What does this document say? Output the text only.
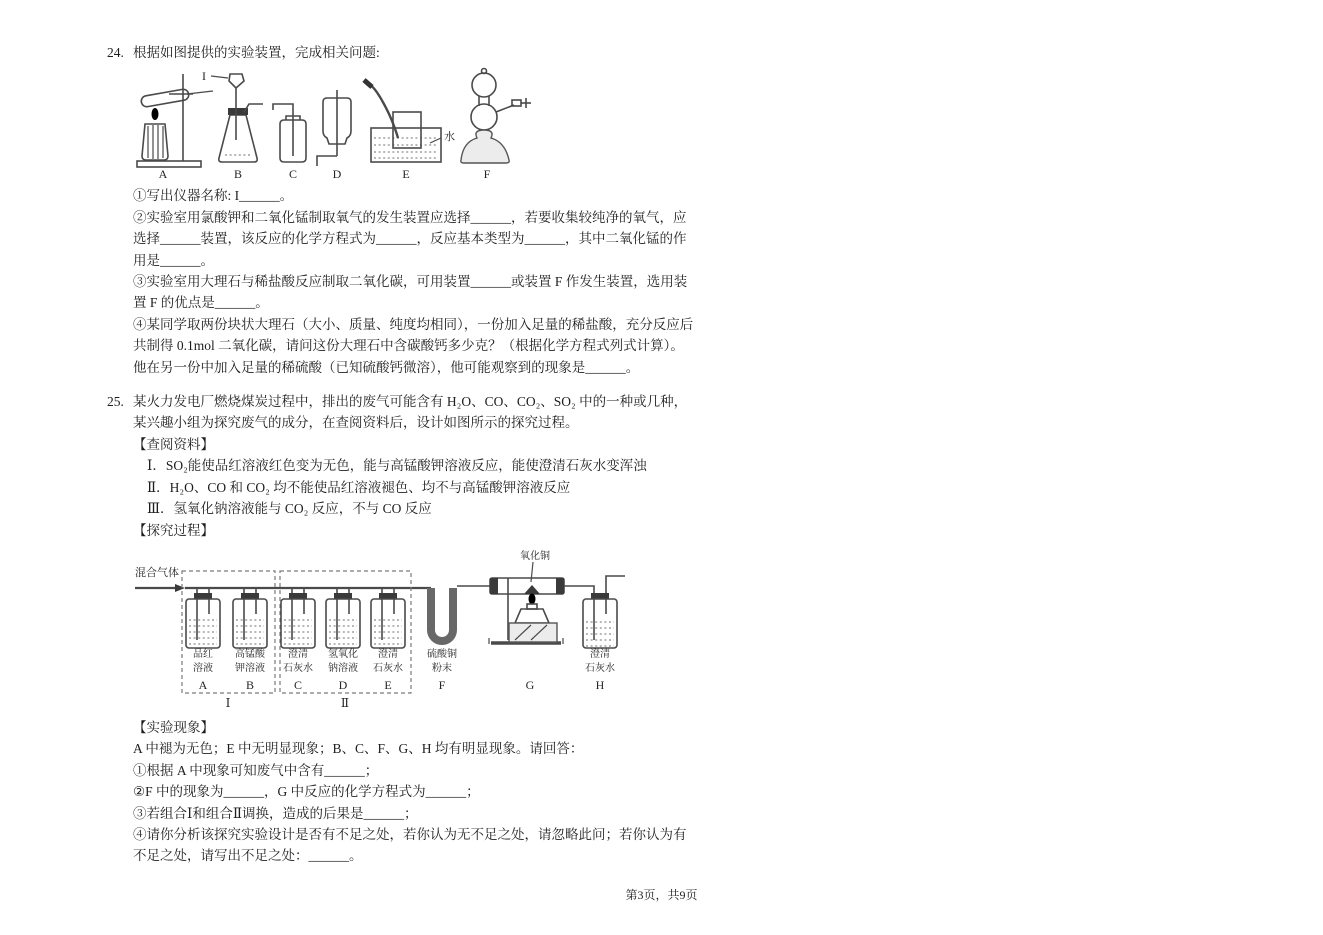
24. 根据如图提供的实验装置，完成相关问题:
I
水
A	B	C	D	E	F

①写出仪器名称: I______。

②实验室用氯酸钾和二氧化锰制取氧气的发生装置应选择______，若要收集较纯净的氧气，应选择______装置，该反应的化学方程式为______，反应基本类型为______，其中二氧化锰的作用是______。

③实验室用大理石与稀盐酸反应制取二氧化碳，可用装置______或装置 F 作发生装置，选用装置 F 的优点是______。

④某同学取两份块状大理石（大小、质量、纯度均相同），一份加入足量的稀盐酸，充分反应后共制得 0.1mol 二氧化碳，请问这份大理石中含碳酸钙多少克？（根据化学方程式列式计算）。他在另一份中加入足量的稀硫酸（已知硫酸钙微溶），他可能观察到的现象是______。

25. 某火力发电厂燃烧煤炭过程中，排出的废气可能含有 H₂O、CO、CO₂、SO₂ 中的一种或几种，某兴趣小组为探究废气的成分，在查阅资料后，设计如图所示的探究过程。

【查阅资料】

Ⅰ．SO₂能使品红溶液红色变为无色，能与高锰酸钾溶液反应，能使澄清石灰水变浑浊

Ⅱ．H₂O、CO 和 CO₂ 均不能使品红溶液褪色、均不与高锰酸钾溶液反应

Ⅲ．氢氧化钠溶液能与 CO₂ 反应，不与 CO 反应

【探究过程】

混合气体
品红
溶液
A
高锰酸
钾溶液
B
澄清
石灰水
C
氢氧化
钠溶液
D
澄清
石灰水
E
Ⅰ	Ⅱ
硫酸铜
粉末
F
氧化铜
G
澄清
石灰水
H

【实验现象】

A 中褪为无色；E 中无明显现象；B、C、F、G、H 均有明显现象。请回答：

①根据 A 中现象可知废气中含有______；

②F 中的现象为______，G 中反应的化学方程式为______；

③若组合Ⅰ和组合Ⅱ调换，造成的后果是______；

④请你分析该探究实验设计是否有不足之处，若你认为无不足之处，请忽略此问；若你认为有不足之处，请写出不足之处：______。

第3页，共9页
